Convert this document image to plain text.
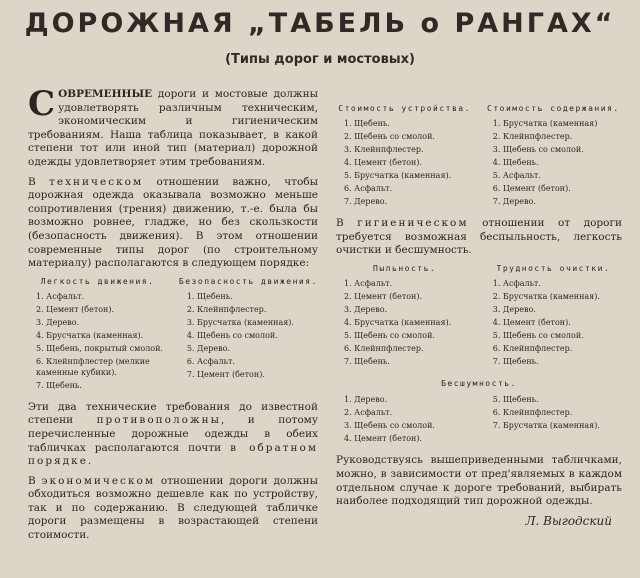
ДОРОЖНАЯ „ТАБЕЛЬ о РАНГАХ“
(Типы дорог и мостовых)

СОВРЕМЕННЫЕ дороги и мостовые должны удовлетворять различным техническим, экономическим и гигиеническим требованиям. Наша таблица показывает, в какой степени тот или иной тип (материал) дорожной одежды удовлетворяет этим требованиям.

В техническом отношении важно, чтобы дорожная одежда оказывала возможно меньше сопротивления (трения) движению, т.-е. была бы возможно ровнее, гладже, но без скользкости (безопасность движения). В этом отношении современные типы дорог (по строительному материалу) располагаются в следующем порядке:

Легкость движения.
1. Асфальт.
2. Цемент (бетон).
3. Дерево.
4. Брусчатка (каменная).
5. Щебень, покрытый смолой.
6. Клейнпфлестер (мелкие каменные кубики).
7. Щебень.
Безопасность движения.
1. Щебень.
2. Клейнпфлестер.
3. Брусчатка (каменная).
4. Щебень со смолой.
5. Дерево.
6. Асфальт.
7. Цемент (бетон).

Эти два технические требования до известной степени противоположны, и потому перечисленные дорожные одежды в обеих табличках располагаются почти в обратном порядке.

В экономическом отношении дороги должны обходиться возможно дешевле как по устройству, так и по содержанию. В следующей табличке дороги размещены в возрастающей степени стоимости.

Стоимость устройства.
1. Щебень.
2. Щебень со смолой.
3. Клейнпфлестер.
4. Цемент (бетон).
5. Брусчатка (каменная).
6. Асфальт.
7. Дерево.
Стоимость содержания.
1. Брусчатка (каменная)
2. Клейнпфлестер.
3. Щебень со смолой.
4. Щебень.
5. Асфальт.
6. Цемент (бетон).
7. Дерево.

В гигиеническом отношении от дороги требуется возможная беспыльность, легкость очистки и бесшумность.

Пыльность.
1. Асфальт.
2. Цемент (бетон).
3. Дерево.
4. Брусчатка (каменная).
5. Щебень со смолой.
6. Клейнпфлестер.
7. Щебень.
Трудность очистки.
1. Асфальт.
2. Брусчатка (каменная).
3. Дерево.
4. Цемент (бетон).
5. Щебень со смолой.
6. Клейнпфлестер.
7. Щебень.
Бесшумность.
1. Дерево.
2. Асфальт.
3. Щебень со смолой.
4. Цемент (бетон).
5. Щебень.
6. Клейнпфлестер.
7. Брусчатка (каменная).

Руководствуясь вышеприведенными табличками, можно, в зависимости от пред'являемых в каждом отдельном случае к дороге требований, выбирать наиболее подходящий тип дорожной одежды.

Л. Выгодский
